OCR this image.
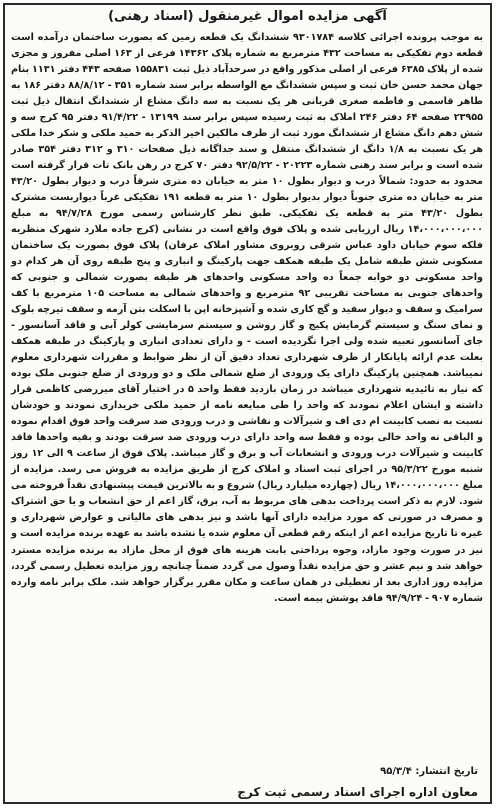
آگهی مزایده اموال غیرمنقول (اسناد رهنی)
به موجب پرونده اجرائی کلاسه ۹۳۰۱۷۸۴ ششدانگ یک قطعه زمین که بصورت ساختمان درآمده است قطعه دوم تفکیکی به مساحت ۴۳۲ مترمربع به شماره پلاک ۱۴۳۶۲ فرعی از ۱۶۳ اصلی مفروز و مجزی شده از پلاک ۶۳۸۵ فرعی از اصلی مذکور واقع در سرحدآباد ذیل ثبت ۱۵۵۸۳۱ صفحه ۴۴۳ دفتر ۱۱۳۱ بنام جهان محمد حسن خان ثبت و سپس ششدانگ مع الواسطه برابر سند شماره ۳۵۱ - ۸۸/۸/۱۲ دفتر ۱۸۶ به طاهر قاسمی و فاطمه صغری قربانی هر یک نسبت به سه دانگ مشاع از ششدانگ انتقال ذیل ثبت ۲۳۹۵۵ صفحه ۶۴ دفتر ۲۴۶ املاک به ثبت رسیده سپس برابر سند ۱۳۱۹۹ - ۹۱/۴/۲۲ دفتر ۹۵ کرج سه و شش دهم دانگ مشاع از ششدانگ مورد ثبت از طرف مالکین اخیر الذکر به حمید ملکی و شکر خدا ملکی هر یک نسبت به ۱/۸ دانگ از ششدانگ منتقل و سند جداگانه ذیل صفحات ۳۱۰ و ۳۱۲ دفتر ۳۵۴ صادر شده است و برابر سند رهنی شماره ۲۰۲۲۳ - ۹۲/۵/۲۲ دفتر ۷۰ کرج در رهن بانک تات قرار گرفته است محدود به حدود: شمالاً درب و دیوار بطول ۱۰ متر به خیابان ده متری شرقاً درب و دیوار بطول ۴۳/۲۰ متر به خیابان ده متری جنوباً دیوار بدیوار بطول ۱۰ متر به قطعه ۱۹۱ تفکیکی غرباً دیواربست مشترک بطول ۴۳/۲۰ متر به قطعه یک تفکیکی. طبق نظر کارشناس رسمی مورخ ۹۴/۷/۲۸ به مبلغ ۱۴،۰۰۰،۰۰۰،۰۰۰ ریال ارزیابی شده و پلاک فوق واقع است در نشانی (کرج جاده ملارد شهرک منظریه فلکه سوم خیابان داود عباس شرقی روبروی مشاور املاک عرفان) پلاک فوق بصورت یک ساختمان مسکونی شش طبقه شامل یک طبقه همکف جهت پارکینگ و انباری و پنج طبقه روی آن هر کدام دو واحد مسکونی دو خوابه جمعاً ده واحد مسکونی واحدهای هر طبقه بصورت شمالی و جنوبی که واحدهای جنوبی به مساحت تقریبی ۹۲ مترمربع و واحدهای شمالی به مساحت ۱۰۵ مترمربع با کف سرامیک و سقف و دیوار سفید و گچ کاری شده و آشپزخانه اپن با اسکلت بتن آرمه و سقف تیرچه بلوک و نمای سنگ و سیستم گرمایش پکیج و گاز روشن و سیستم سرمایشی کولر آبی و فاقد آسانسور - جای آسانسور تعبیه شده ولی اجرا نگردیده است - و دارای تعدادی انباری و پارکینگ در طبقه همکف بعلت عدم ارائه پایانکار از طرف شهرداری تعداد دقیق آن از نظر ضوابط و مقررات شهرداری معلوم نمیباشد. همچنین پارکینگ دارای یک ورودی از ضلع شمالی ملک و دو ورودی از ضلع جنوبی ملک بوده که نیاز به تائیدیه شهرداری میباشد در زمان بازدید فقط واحد ۵ در اختیار آقای میررضی کاظمی قرار داشته و ایشان اعلام نمودند که واحد را طی مبایعه نامه از حمید ملکی خریداری نمودند و خودشان نسبت به نصب کابینت ام دی اف و شیرآلات و نقاشی و درب ورودی ضد سرقت واحد فوق اقدام نموده و الباقی نه واحد خالی بوده و فقط سه واحد دارای درب ورودی ضد سرقت بودند و بقیه واحدها فاقد کابینت و شیرآلات درب ورودی و انشعابات آب و برق و گاز میباشد. پلاک فوق از ساعت ۹ الی ۱۲ روز شنبه مورخ ۹۵/۳/۲۲ در اجرای ثبت اسناد و املاک کرج از طریق مزایده به فروش می رسد. مزایده از مبلغ ۱۴،۰۰۰،۰۰۰،۰۰۰ ریال (چهارده میلیارد ریال) شروع و به بالاترین قیمت پیشنهادی نقداً فروخته می شود. لازم به ذکر است پرداخت بدهی های مربوط به آب، برق، گاز اعم از حق انشعاب و یا حق اشتراک و مصرف در صورتی که مورد مزایده دارای آنها باشد و نیز بدهی های مالیاتی و عوارض شهرداری و غیره تا تاریخ مزایده اعم از اینکه رقم قطعی آن معلوم شده یا نشده باشد به عهده برنده مزایده است و نیز در صورت وجود مازاد، وجوه پرداختی بابت هزینه های فوق از محل مازاد به برنده مزایده مسترد خواهد شد و نیم عشر و حق مزایده نقداً وصول می گردد ضمناً چنانچه روز مزایده تعطیل رسمی گردد، مزایده روز اداری بعد از تعطیلی در همان ساعت و مکان مقرر برگزار خواهد شد. ملک برابر نامه وارده شماره ۹۰۷ - ۹۴/۹/۲۴ فاقد پوشش بیمه است.
تاریخ انتشار: ۹۵/۳/۴
معاون اداره اجرای اسناد رسمی ثبت کرج
